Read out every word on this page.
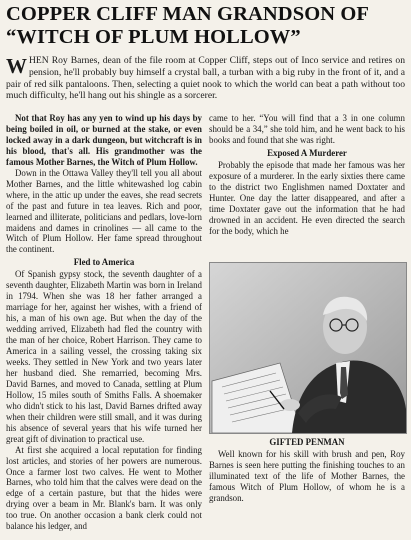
COPPER CLIFF MAN GRANDSON OF “WITCH OF PLUM HOLLOW”
WHEN Roy Barnes, dean of the file room at Copper Cliff, steps out of Inco service and retires on pension, he'll probably buy himself a crystal ball, a turban with a big ruby in the front of it, and a pair of red silk pantaloons. Then, selecting a quiet nook to which the world can beat a path without too much difficulty, he'll hang out his shingle as a sorcerer.

Not that Roy has any yen to wind up his days by being boiled in oil, or burned at the stake, or even locked away in a dark dungeon, but witchcraft is in his blood, that's all. His grandmother was the famous Mother Barnes, the Witch of Plum Hollow.

Down in the Ottawa Valley they'll tell you all about Mother Barnes, and the little whitewashed log cabin where, in the attic up under the eaves, she read secrets of the past and future in tea leaves. Rich and poor, learned and illiterate, politicians and pedlars, love-lorn maidens and dames in crinolines — all came to the Witch of Plum Hollow. Her fame spread throughout the continent.

Fled to America

Of Spanish gypsy stock, the seventh daughter of a seventh daughter, Elizabeth Martin was born in Ireland in 1794. When she was 18 her father arranged a marriage for her, against her wishes, with a friend of his, a man of his own age. But when the day of the wedding arrived, Elizabeth had fled the country with the man of her choice, Robert Harrison. They came to America in a sailing vessel, the crossing taking six weeks. They settled in New York and two years later her husband died. She remarried, becoming Mrs. David Barnes, and moved to Canada, settling at Plum Hollow, 15 miles south of Smiths Falls. A shoemaker who didn't stick to his last, David Barnes drifted away when their children were still small, and it was during his absence of several years that his wife turned her great gift of divination to practical use.

At first she acquired a local reputation for finding lost articles, and stories of her powers are numerous. Once a farmer lost two calves. He went to Mother Barnes, who told him that the calves were dead on the edge of a certain pasture, but that the hides were drying over a beam in Mr. Blank's barn. It was only too true. On another occasion a bank clerk could not balance his ledger, and

came to her. “You will find that a 3 in one column should be a 34,” she told him, and he went back to his books and found that she was right.

Exposed A Murderer

Probably the episode that made her famous was her exposure of a murderer. In the early sixties there came to the district two Englishmen named Doxtater and Hunter. One day the latter disappeared, and after a time Doxtater gave out the information that he had drowned in an accident. He even directed the search for the body, which he

GIFTED PENMAN

Well known for his skill with brush and pen, Roy Barnes is seen here putting the finishing touches to an illuminated text of the life of Mother Barnes, the famous Witch of Plum Hollow, of whom he is a grandson.
